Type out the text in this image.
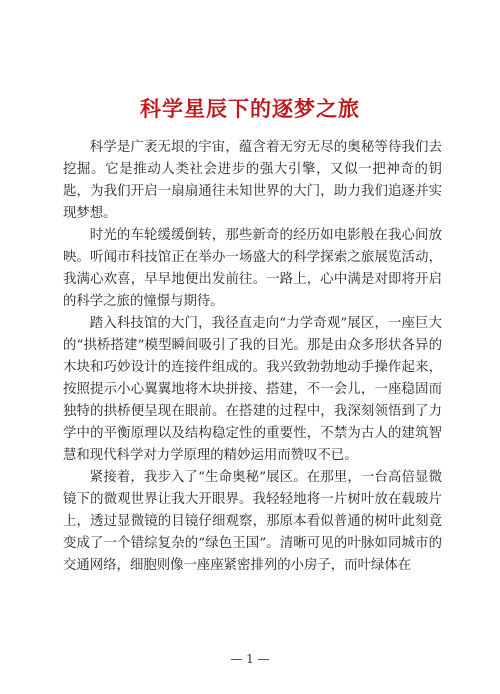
科学星辰下的逐梦之旅

科学是广袤无垠的宇宙，蕴含着无穷无尽的奥秘等待我们去挖掘。它是推动人类社会进步的强大引擎，又似一把神奇的钥匙，为我们开启一扇扇通往未知世界的大门，助力我们追逐并实现梦想。

时光的车轮缓缓倒转，那些新奇的经历如电影般在我心间放映。听闻市科技馆正在举办一场盛大的科学探索之旅展览活动，我满心欢喜，早早地便出发前往。一路上，心中满是对即将开启的科学之旅的憧憬与期待。

踏入科技馆的大门，我径直走向“力学奇观”展区，一座巨大的“拱桥搭建”模型瞬间吸引了我的目光。那是由众多形状各异的木块和巧妙设计的连接件组成的。我兴致勃勃地动手操作起来，按照提示小心翼翼地将木块拼接、搭建，不一会儿，一座稳固而独特的拱桥便呈现在眼前。在搭建的过程中，我深刻领悟到了力学中的平衡原理以及结构稳定性的重要性，不禁为古人的建筑智慧和现代科学对力学原理的精妙运用而赞叹不已。

紧接着，我步入了“生命奥秘”展区。在那里，一台高倍显微镜下的微观世界让我大开眼界。我轻轻地将一片树叶放在载玻片上，透过显微镜的目镜仔细观察，那原本看似普通的树叶此刻竟变成了一个错综复杂的“绿色王国”。清晰可见的叶脉如同城市的交通网络，细胞则像一座座紧密排列的小房子，而叶绿体在

— 1 —
